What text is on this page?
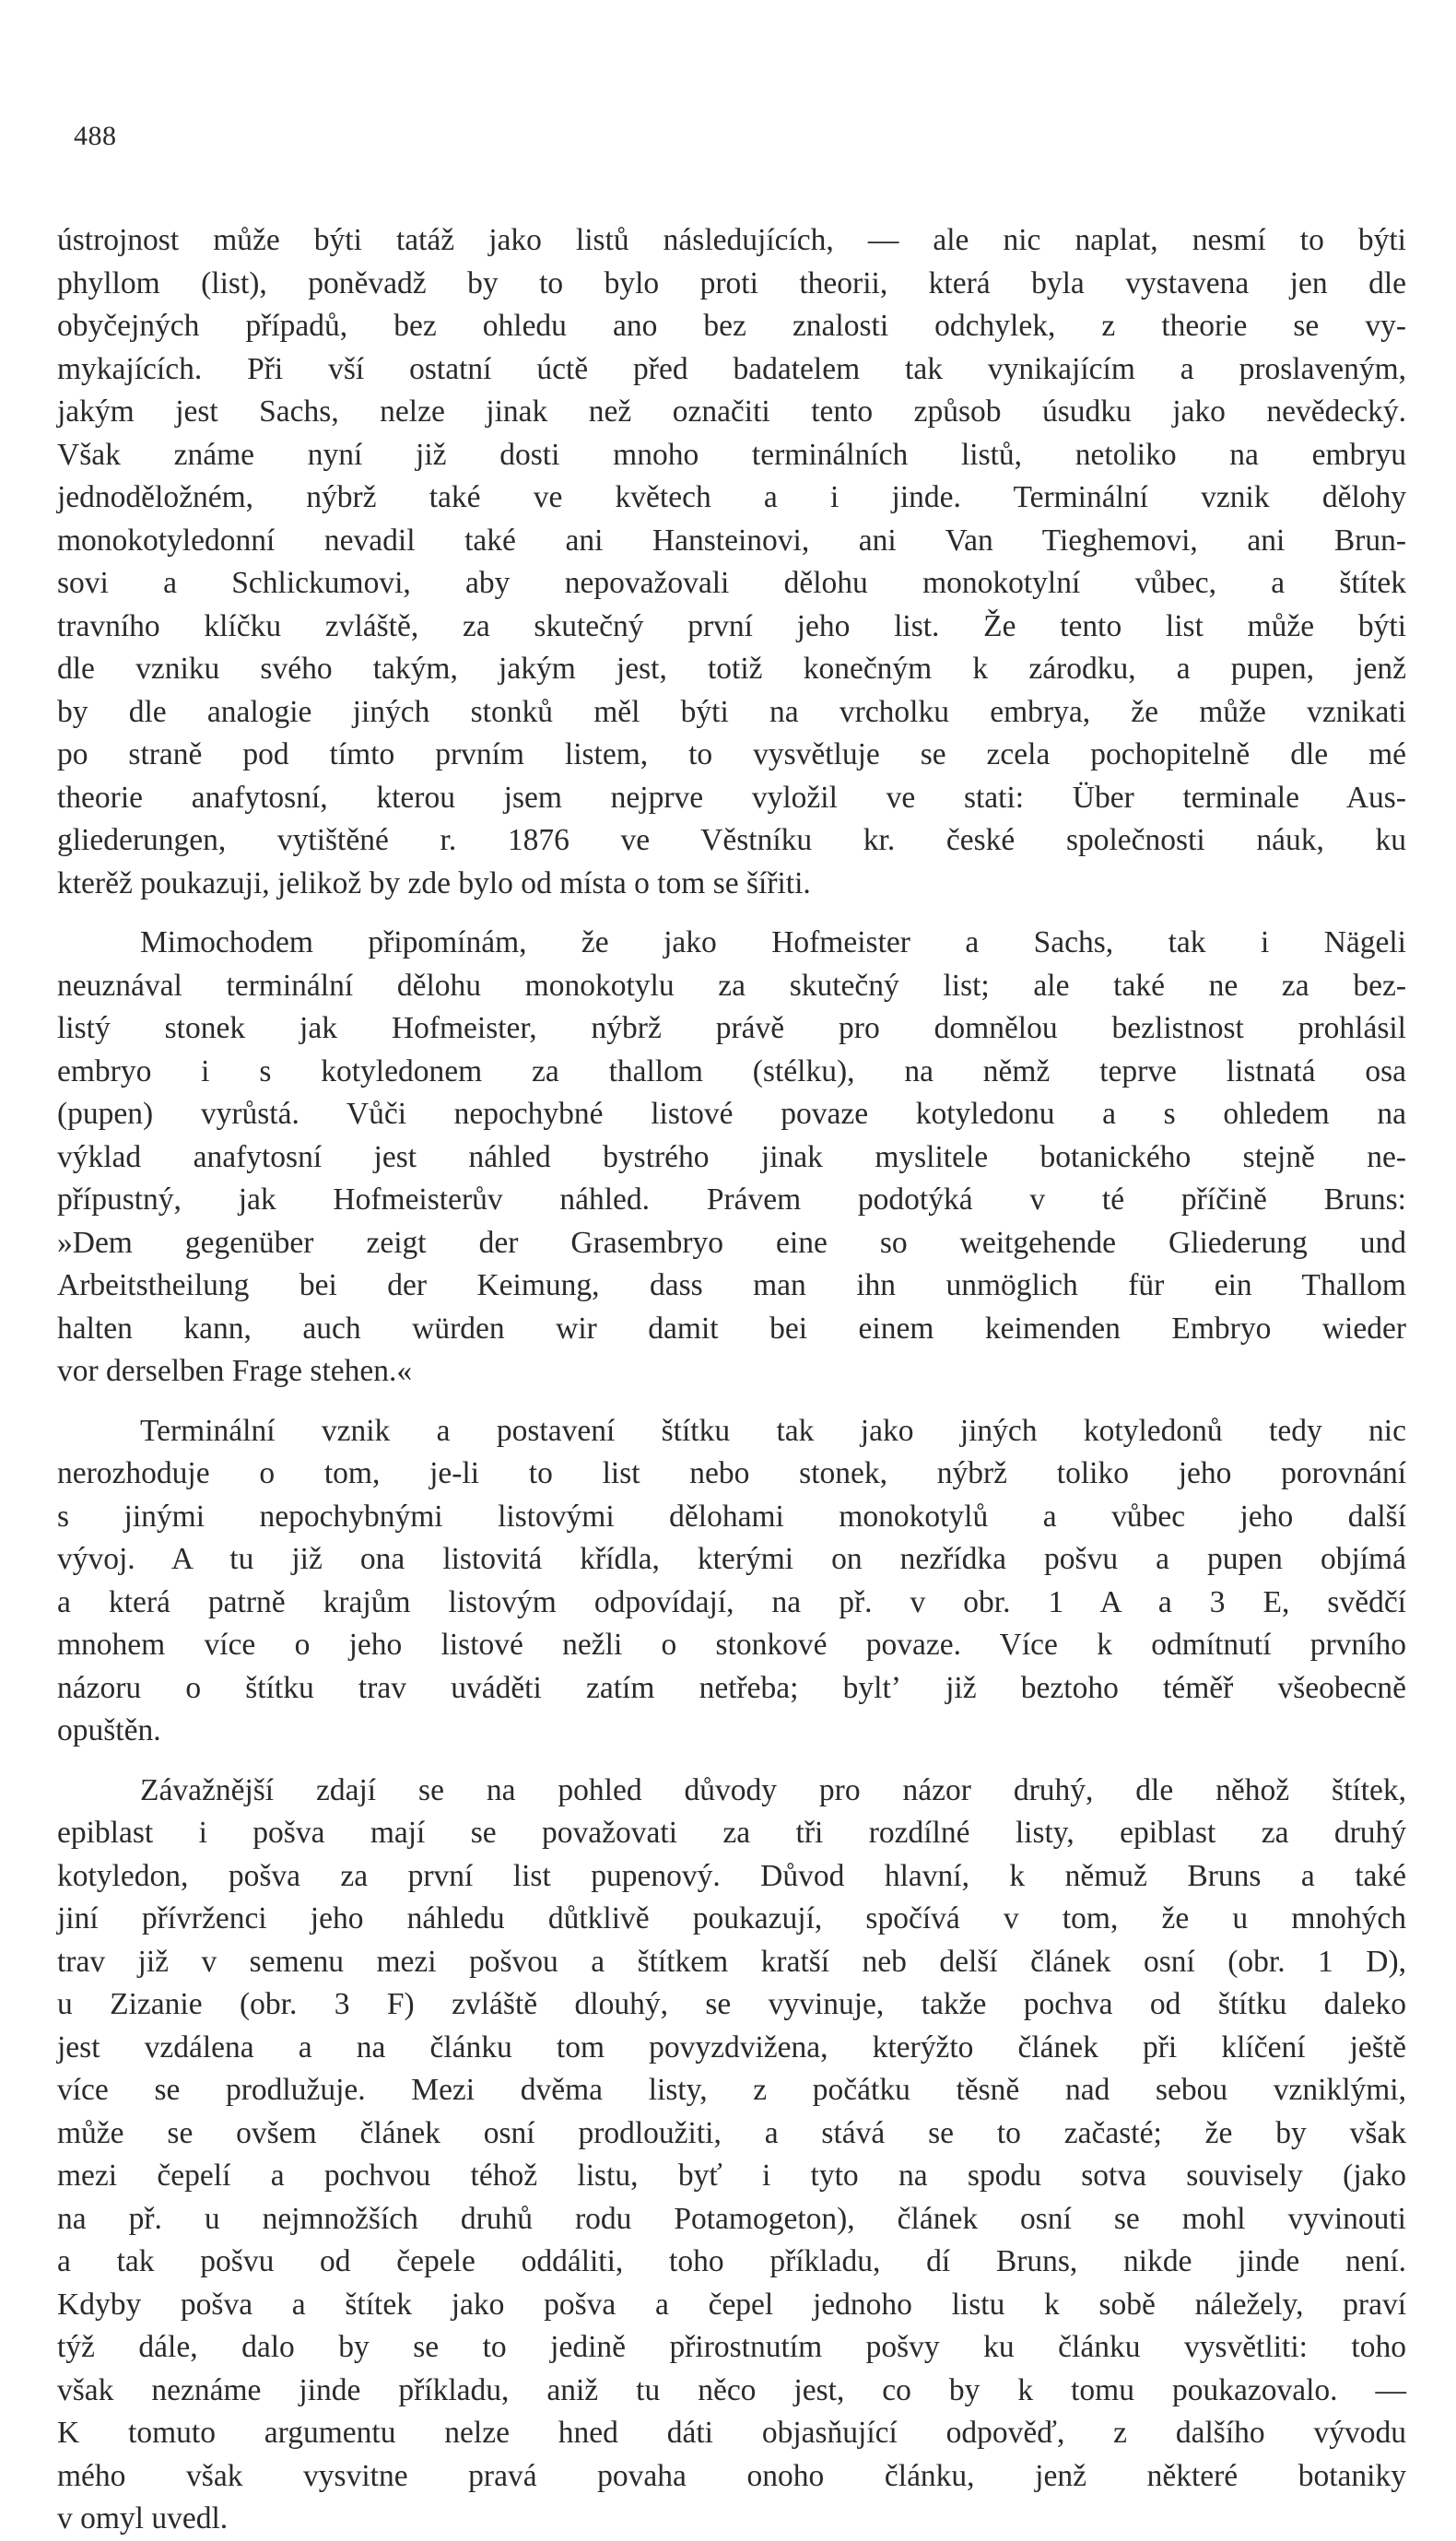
488

ústrojnost může býti tatáž jako listů následujících, — ale nic naplat, nesmí to býti
phyllom (list), poněvadž by to bylo proti theorii, která byla vystavena jen dle
obyčejných případů, bez ohledu ano bez znalosti odchylek, z theorie se vy-
mykajících. Při vší ostatní úctě před badatelem tak vynikajícím a proslaveným,
jakým jest Sachs, nelze jinak než označiti tento způsob úsudku jako nevědecký.
Však známe nyní již dosti mnoho terminálních listů, netoliko na embryu
jednoděložném, nýbrž také ve květech a i jinde. Terminální vznik dělohy
monokotyledonní nevadil také ani Hansteinovi, ani Van Tieghemovi, ani Brun-
sovi a Schlickumovi, aby nepovažovali dělohu monokotylní vůbec, a štítek
travního klíčku zvláště, za skutečný první jeho list. Že tento list může býti
dle vzniku svého takým, jakým jest, totiž konečným k zárodku, a pupen, jenž
by dle analogie jiných stonků měl býti na vrcholku embrya, že může vznikati
po straně pod tímto prvním listem, to vysvětluje se zcela pochopitelně dle mé
theorie anafytosní, kterou jsem nejprve vyložil ve stati: Über terminale Aus-
gliederungen, vytištěné r. 1876 ve Věstníku kr. české společnosti náuk, ku
kterěž poukazuji, jelikož by zde bylo od místa o tom se šířiti.

Mimochodem připomínám, že jako Hofmeister a Sachs, tak i Nägeli
neuznával terminální dělohu monokotylu za skutečný list; ale také ne za bez-
listý stonek jak Hofmeister, nýbrž právě pro domnělou bezlistnost prohlásil
embryo i s kotyledonem za thallom (stélku), na němž teprve listnatá osa
(pupen) vyrůstá. Vůči nepochybné listové povaze kotyledonu a s ohledem na
výklad anafytosní jest náhled bystrého jinak myslitele botanického stejně ne-
přípustný, jak Hofmeisterův náhled. Právem podotýká v té příčině Bruns:
»Dem gegenüber zeigt der Grasembryo eine so weitgehende Gliederung und
Arbeitstheilung bei der Keimung, dass man ihn unmöglich für ein Thallom
halten kann, auch würden wir damit bei einem keimenden Embryo wieder
vor derselben Frage stehen.«

Terminální vznik a postavení štítku tak jako jiných kotyledonů tedy nic
nerozhoduje o tom, je-li to list nebo stonek, nýbrž toliko jeho porovnání
s jinými nepochybnými listovými dělohami monokotylů a vůbec jeho další
vývoj. A tu již ona listovitá křídla, kterými on nezřídka pošvu a pupen objímá
a která patrně krajům listovým odpovídají, na př. v obr. 1 A a 3 E, svědčí
mnohem více o jeho listové nežli o stonkové povaze. Více k odmítnutí prvního
názoru o štítku trav uváděti zatím netřeba; byltʼ již beztoho téměř všeobecně
opuštěn.

Závažnější zdají se na pohled důvody pro názor druhý, dle něhož štítek,
epiblast i pošva mají se považovati za tři rozdílné listy, epiblast za druhý
kotyledon, pošva za první list pupenový. Důvod hlavní, k němuž Bruns a také
jiní přívrženci jeho náhledu důtklivě poukazují, spočívá v tom, že u mnohých
trav již v semenu mezi pošvou a štítkem kratší neb delší článek osní (obr. 1 D),
u Zizanie (obr. 3 F) zvláště dlouhý, se vyvinuje, takže pochva od štítku daleko
jest vzdálena a na článku tom povyzdvižena, kterýžto článek při klíčení ještě
více se prodlužuje. Mezi dvěma listy, z počátku těsně nad sebou vzniklými,
může se ovšem článek osní prodloužiti, a stává se to začasté; že by však
mezi čepelí a pochvou téhož listu, byť i tyto na spodu sotva souvisely (jako
na př. u nejmnožších druhů rodu Potamogeton), článek osní se mohl vyvinouti
a tak pošvu od čepele oddáliti, toho příkladu, dí Bruns, nikde jinde není.
Kdyby pošva a štítek jako pošva a čepel jednoho listu k sobě náležely, praví
týž dále, dalo by se to jedině přirostnutím pošvy ku článku vysvětliti: toho
však neznáme jinde příkladu, aniž tu něco jest, co by k tomu poukazovalo. —
K tomuto argumentu nelze hned dáti objasňující odpověď, z dalšího vývodu
mého však vysvitne pravá povaha onoho článku, jenž některé botaniky
v omyl uvedl.
